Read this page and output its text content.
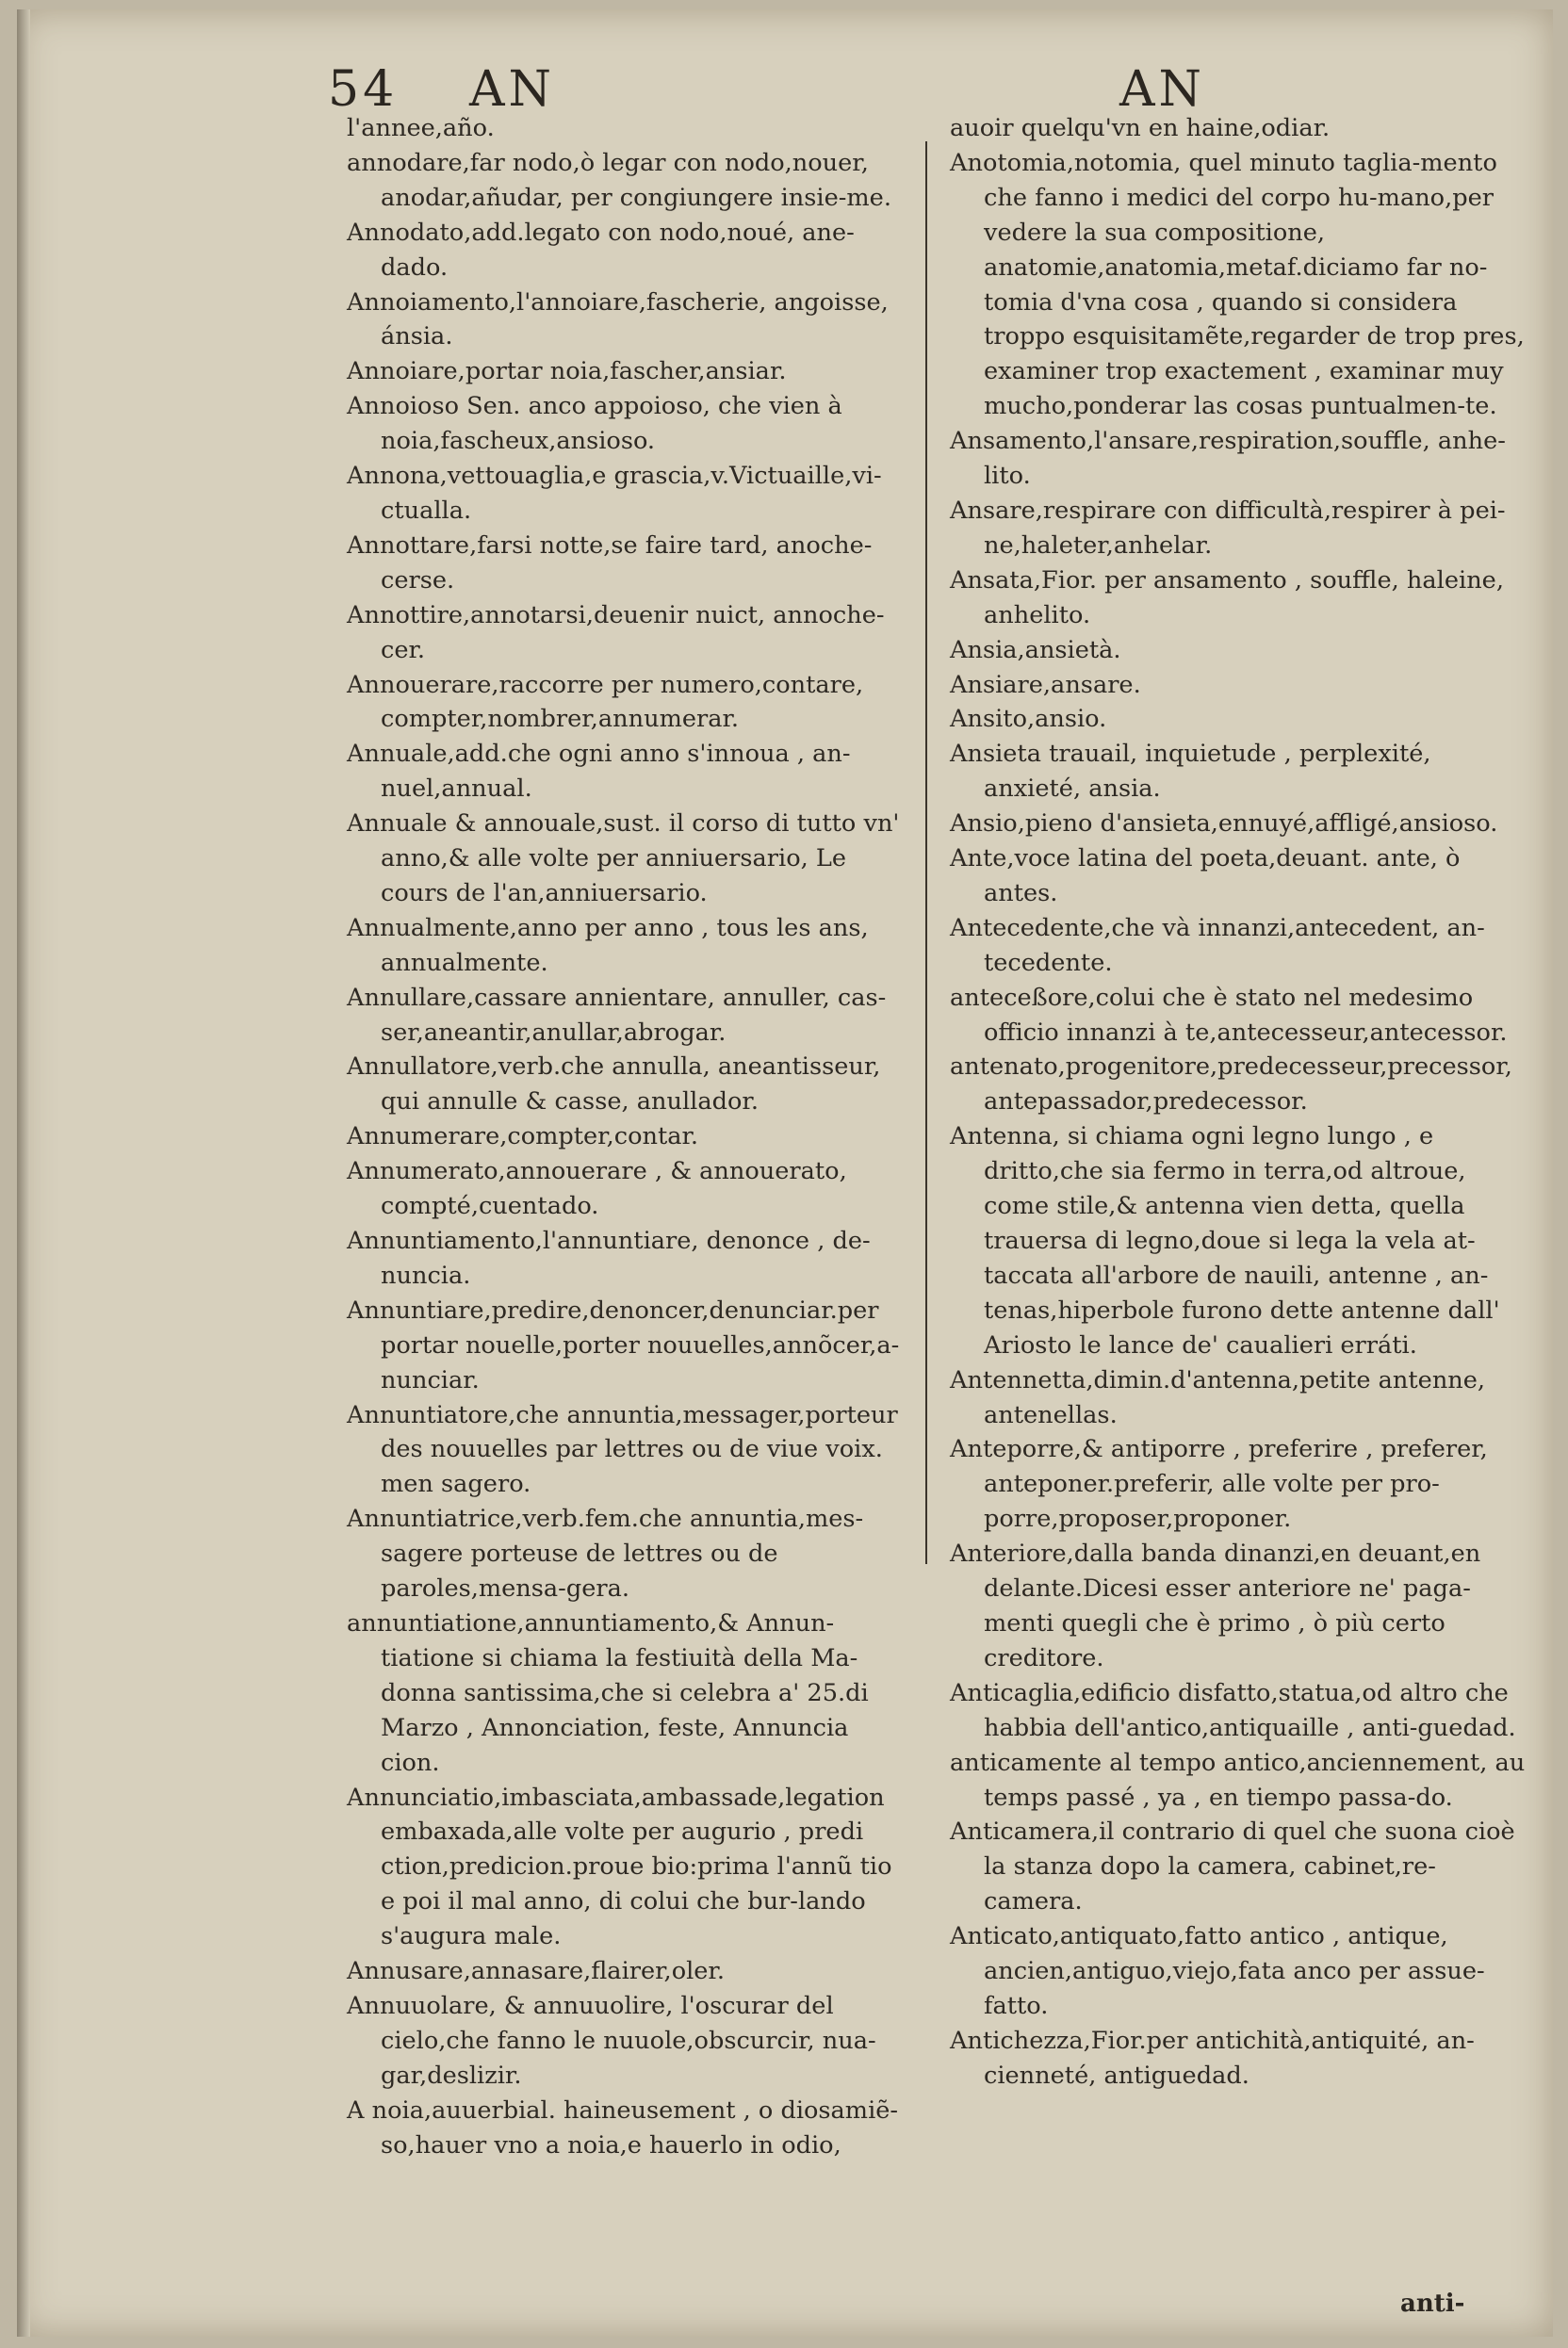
54 AN	AN

l'annee,año.

annodare,far nodo,ò legar con nodo,nouer, anodar,añudar, per congiungere insie-me.

Annodato,add.legato con nodo,noué, ane-dado.

Annoiamento,l'annoiare,fascherie, angoisse, ánsia.

Annoiare,portar noia,fascher,ansiar.

Annoioso Sen. anco appoioso, che vien à noia,fascheux,ansioso.

Annona,vettouaglia,e grascia,v.Victuaille,vi-ctualla.

Annottare,farsi notte,se faire tard, anoche-cerse.

Annottire,annotarsi,deuenir nuict, annoche-cer.

Annouerare,raccorre per numero,contare, compter,nombrer,annumerar.

Annuale,add.che ogni anno s'innoua , an-nuel,annual.

Annuale & annouale,sust. il corso di tutto vn' anno,& alle volte per anniuersario, Le cours de l'an,anniuersario.

Annualmente,anno per anno , tous les ans, annualmente.

Annullare,cassare annientare, annuller, cas-ser,aneantir,anullar,abrogar.

Annullatore,verb.che annulla, aneantisseur, qui annulle & casse, anullador.

Annumerare,compter,contar.

Annumerato,annouerare , & annouerato, compté,cuentado.

Annuntiamento,l'annuntiare, denonce , de-nuncia.

Annuntiare,predire,denoncer,denunciar.per portar nouelle,porter nouuelles,annõcer,a-nunciar.

Annuntiatore,che annuntia,messager,porteur des nouuelles par lettres ou de viue voix. men sagero.

Annuntiatrice,verb.fem.che annuntia,mes-sagere porteuse de lettres ou de paroles,mensa-gera.

annuntiatione,annuntiamento,& Annun-tiatione si chiama la festiuità della Ma-donna santissima,che si celebra a' 25.di Marzo , Annonciation, feste, Annuncia cion.

Annunciatio,imbasciata,ambassade,legation embaxada,alle volte per augurio , predi ction,predicion.proue bio:prima l'annũ tio e poi il mal anno, di colui che bur-lando s'augura male.

Annusare,annasare,flairer,oler.

Annuuolare, & annuuolire, l'oscurar del cielo,che fanno le nuuole,obscurcir, nua-gar,deslizir.

A noia,auuerbial. haineusement , o diosamiẽ-so,hauer vno a noia,e hauerlo in odio,

auoir quelqu'vn en haine,odiar.

Anotomia,notomia, quel minuto taglia-mento che fanno i medici del corpo hu-mano,per vedere la sua compositione, anatomie,anatomia,metaf.diciamo far no-tomia d'vna cosa , quando si considera troppo esquisitamẽte,regarder de trop pres, examiner trop exactement , examinar muy mucho,ponderar las cosas puntualmen-te.

Ansamento,l'ansare,respiration,souffle, anhe-lito.

Ansare,respirare con difficultà,respirer à pei-ne,haleter,anhelar.

Ansata,Fior. per ansamento , souffle, haleine, anhelito.

Ansia,ansietà.

Ansiare,ansare.

Ansito,ansio.

Ansieta trauail, inquietude , perplexité, anxieté, ansia.

Ansio,pieno d'ansieta,ennuyé,affligé,ansioso.

Ante,voce latina del poeta,deuant. ante, ò antes.

Antecedente,che và innanzi,antecedent, an-tecedente.

anteceßore,colui che è stato nel medesimo officio innanzi à te,antecesseur,antecessor.

antenato,progenitore,predecesseur,precessor, antepassador,predecessor.

Antenna, si chiama ogni legno lungo , e dritto,che sia fermo in terra,od altroue, come stile,& antenna vien detta, quella trauersa di legno,doue si lega la vela at-taccata all'arbore de nauili, antenne , an-tenas,hiperbole furono dette antenne dall' Ariosto le lance de' caualieri erráti.

Antennetta,dimin.d'antenna,petite antenne, antenellas.

Anteporre,& antiporre , preferire , preferer, anteponer.preferir, alle volte per pro-porre,proposer,proponer.

Anteriore,dalla banda dinanzi,en deuant,en delante.Dicesi esser anteriore ne' paga-menti quegli che è primo , ò più certo creditore.

Anticaglia,edificio disfatto,statua,od altro che habbia dell'antico,antiquaille , anti-guedad.

anticamente al tempo antico,anciennement, au temps passé , ya , en tiempo passa-do.

Anticamera,il contrario di quel che suona cioè la stanza dopo la camera, cabinet,re-camera.

Anticato,antiquato,fatto antico , antique, ancien,antiguo,viejo,fata anco per assue-fatto.

Antichezza,Fior.per antichità,antiquité, an-cienneté, antiguedad.

anti-
